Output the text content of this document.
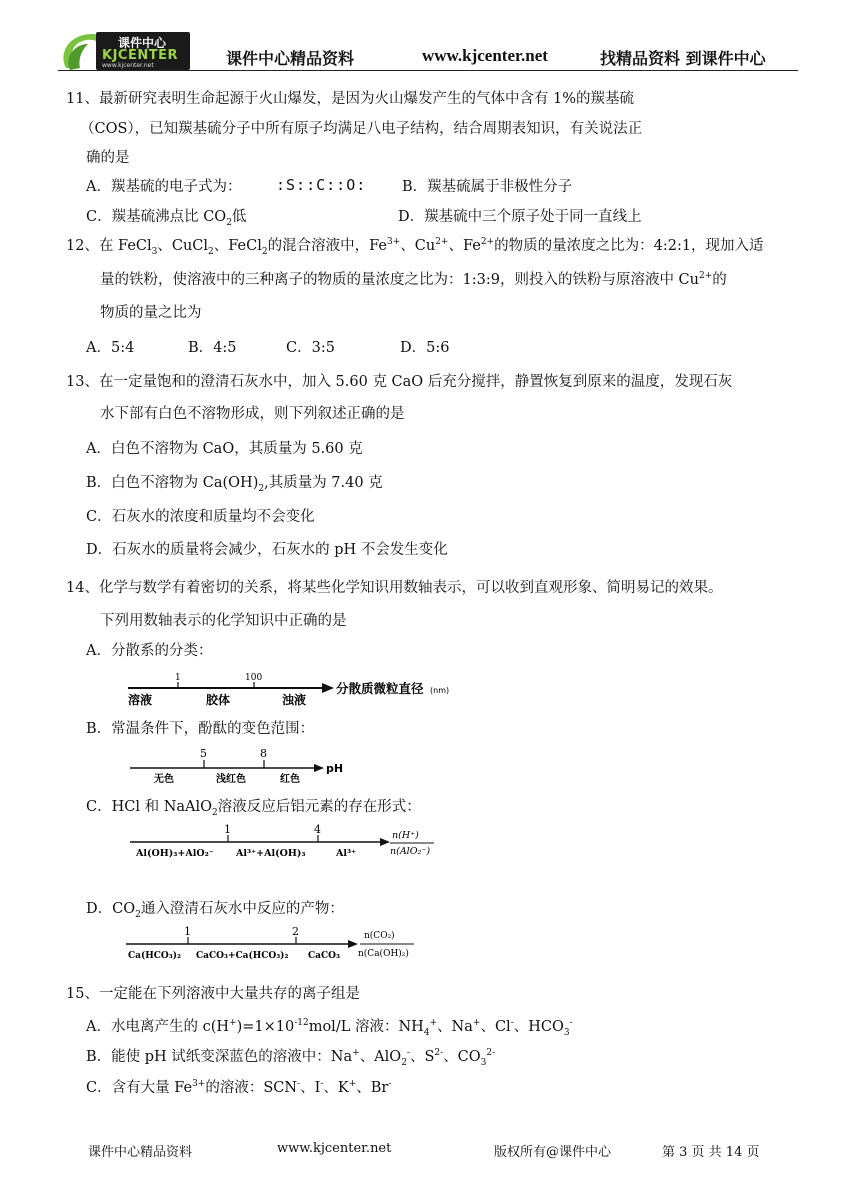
课件中心
KJCENTER
www.kjcenter.net	课件中心精品资料	www.kjcenter.net	找精品资料 到课件中心
11、最新研究表明生命起源于火山爆发，是因为火山爆发产生的气体中含有 1%的羰基硫
（COS），已知羰基硫分子中所有原子均满足八电子结构，结合周期表知识，有关说法正
确的是
A．羰基硫的电子式为： :S::C::O: B．羰基硫属于非极性分子
C．羰基硫沸点比 $CO_2$低	D．羰基硫中三个原子处于同一直线上
12、在 FeCl$_3$、CuCl$_2$、FeCl$_2$的混合溶液中，$Fe^{3+}$、$Cu^{2+}$、$Fe^{2+}$的物质的量浓度之比为：4:2:1，现加入适
量的铁粉，使溶液中的三种离子的物质的量浓度之比为：1:3:9，则投入的铁粉与原溶液中 $Cu^{2+}$的
物质的量之比为
A．5:4	B．4:5	C．3:5	D．5:6
13、在一定量饱和的澄清石灰水中，加入 5.60 克 CaO 后充分搅拌，静置恢复到原来的温度，发现石灰
水下部有白色不溶物形成，则下列叙述正确的是
A．白色不溶物为 CaO，其质量为 5.60 克
B．白色不溶物为 $Ca(OH)_2$,其质量为 7.40 克
C．石灰水的浓度和质量均不会变化
D．石灰水的质量将会减少，石灰水的 pH 不会发生变化
14、化学与数学有着密切的关系，将某些化学知识用数轴表示，可以收到直观形象、简明易记的效果。
下列用数轴表示的化学知识中正确的是
A．分散系的分类：
1	100
溶液	胶体	浊液
分散质微粒直径 (nm)
B．常温条件下，酚酞的变色范围：
5	8
无色	浅红色	红色
pH
C．HCl 和 NaAlO$_2$溶液反应后铝元素的存在形式：
1	4
Al(OH)₃+AlO₂⁻ Al³⁺+Al(OH)₃	Al³⁺
n(H⁺)
n(AlO₂⁻)
D．$CO_2$通入澄清石灰水中反应的产物：
1	2
Ca(HCO₃)₂ CaCO₃+Ca(HCO₃)₂ CaCO₃
n(CO₂)
n(Ca(OH)₂)
15、一定能在下列溶液中大量共存的离子组是
A．水电离产生的 $c(H^+)=1\times 10^{-12}mol/L$ 溶液：$NH_4^+$、Na+、Cl-、$HCO_3^-$
B．能使 pH 试纸变深蓝色的溶液中：Na+、AlO$_2$-、$S^{2-}$、$CO_3^{2-}$
C．含有大量 $Fe^{3+}$的溶液：SCN-、I-、K+、Br-
课件中心精品资料	www.kjcenter.net	版权所有@课件中心	第 3 页 共 14 页
